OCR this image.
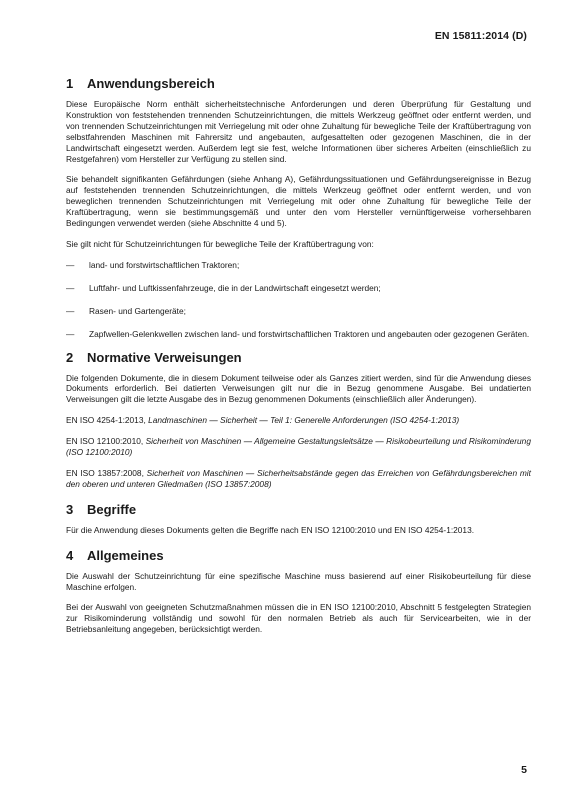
EN 15811:2014 (D)
1	Anwendungsbereich

Diese Europäische Norm enthält sicherheitstechnische Anforderungen und deren Überprüfung für Gestaltung und Konstruktion von feststehenden trennenden Schutzeinrichtungen, die mittels Werkzeug geöffnet oder entfernt werden, und von trennenden Schutzeinrichtungen mit Verriegelung mit oder ohne Zuhaltung für bewegliche Teile der Kraftübertragung von selbstfahrenden Maschinen mit Fahrersitz und angebauten, aufgesattelten oder gezogenen Maschinen, die in der Landwirtschaft eingesetzt werden. Außerdem legt sie fest, welche Informationen über sicheres Arbeiten (einschließlich zu Restgefahren) vom Hersteller zur Verfügung zu stellen sind.

Sie behandelt signifikanten Gefährdungen (siehe Anhang A), Gefährdungssituationen und Gefährdungsereignisse in Bezug auf feststehenden trennenden Schutzeinrichtungen, die mittels Werkzeug geöffnet oder entfernt werden, und von beweglichen trennenden Schutzeinrichtungen mit Verriegelung mit oder ohne Zuhaltung für bewegliche Teile der Kraftübertragung, wenn sie bestimmungsgemäß und unter den vom Hersteller vernünftigerweise vorhersehbaren Bedingungen verwendet werden (siehe Abschnitte 4 und 5).

Sie gilt nicht für Schutzeinrichtungen für bewegliche Teile der Kraftübertragung von:

—	land- und forstwirtschaftlichen Traktoren;
—	Luftfahr- und Luftkissenfahrzeuge, die in der Landwirtschaft eingesetzt werden;
—	Rasen- und Gartengeräte;
—	Zapfwellen-Gelenkwellen zwischen land- und forstwirtschaftlichen Traktoren und angebauten oder gezogenen Geräten.
2	Normative Verweisungen

Die folgenden Dokumente, die in diesem Dokument teilweise oder als Ganzes zitiert werden, sind für die Anwendung dieses Dokuments erforderlich. Bei datierten Verweisungen gilt nur die in Bezug genommene Ausgabe. Bei undatierten Verweisungen gilt die letzte Ausgabe des in Bezug genommenen Dokuments (einschließlich aller Änderungen).

EN ISO 4254-1:2013, Landmaschinen — Sicherheit — Teil 1: Generelle Anforderungen (ISO 4254-1:2013)
EN ISO 12100:2010, Sicherheit von Maschinen — Allgemeine Gestaltungsleitsätze — Risikobeurteilung und Risikominderung (ISO 12100:2010)
EN ISO 13857:2008, Sicherheit von Maschinen — Sicherheitsabstände gegen das Erreichen von Gefährdungsbereichen mit den oberen und unteren Gliedmaßen (ISO 13857:2008)
3	Begriffe

Für die Anwendung dieses Dokuments gelten die Begriffe nach EN ISO 12100:2010 und EN ISO 4254-1:2013.

4	Allgemeines

Die Auswahl der Schutzeinrichtung für eine spezifische Maschine muss basierend auf einer Risikobeurteilung für diese Maschine erfolgen.

Bei der Auswahl von geeigneten Schutzmaßnahmen müssen die in EN ISO 12100:2010, Abschnitt 5 festgelegten Strategien zur Risikominderung vollständig und sowohl für den normalen Betrieb als auch für Servicearbeiten, wie in der Betriebsanleitung angegeben, berücksichtigt werden.

5
